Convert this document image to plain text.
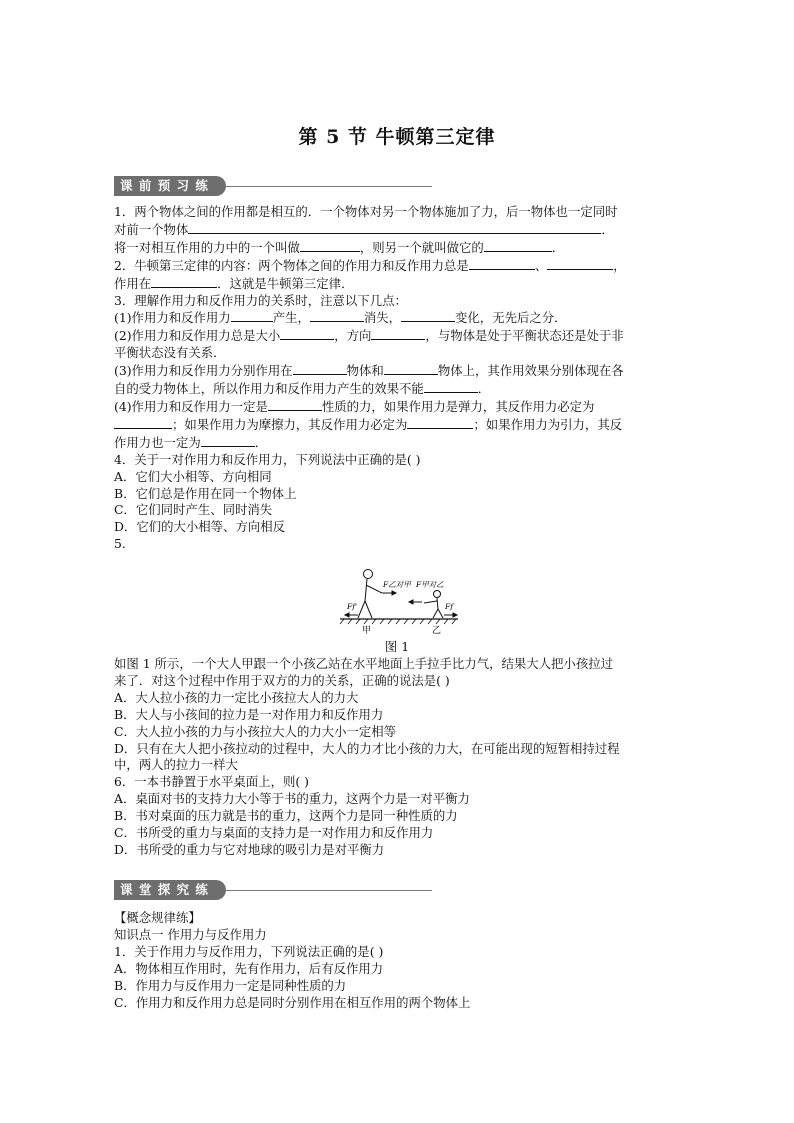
第 5 节 牛顿第三定律
课 前 预 习 练

1．两个物体之间的作用都是相互的．一个物体对另一个物体施加了力，后一物体也一定同时

对前一个物体	．

将一对相互作用的力中的一个叫做	，则另一个就叫做它的	．

2．牛顿第三定律的内容：两个物体之间的作用力和反作用力总是	、	，

作用在	．这就是牛顿第三定律．

3．理解作用力和反作用力的关系时，注意以下几点：

(1)作用力和反作用力	产生，	消失，	变化，无先后之分．

(2)作用力和反作用力总是大小	，方向	，与物体是处于平衡状态还是处于非

平衡状态没有关系．

(3)作用力和反作用力分别作用在	物体和	物体上，其作用效果分别体现在各

自的受力物体上，所以作用力和反作用力产生的效果不能	．

(4)作用力和反作用力一定是	性质的力，如果作用力是弹力，其反作用力必定为

；如果作用力为摩擦力，其反作用力必定为	；如果作用力为引力，其反

作用力也一定为	．

4．关于一对作用力和反作用力，下列说法中正确的是( )

A．它们大小相等、方向相同

B．它们总是作用在同一个物体上

C．它们同时产生、同时消失

D．它们的大小相等、方向相反

5.

F乙对甲 F甲对乙
Ff'	Ff
甲	乙

图 1

如图 1 所示，一个大人甲跟一个小孩乙站在水平地面上手拉手比力气，结果大人把小孩拉过

来了．对这个过程中作用于双方的力的关系，正确的说法是( )

A．大人拉小孩的力一定比小孩拉大人的力大

B．大人与小孩间的拉力是一对作用力和反作用力

C．大人拉小孩的力与小孩拉大人的力大小一定相等

D．只有在大人把小孩拉动的过程中，大人的力才比小孩的力大，在可能出现的短暂相持过程

中，两人的拉力一样大

6．一本书静置于水平桌面上，则( )

A．桌面对书的支持力大小等于书的重力，这两个力是一对平衡力

B．书对桌面的压力就是书的重力，这两个力是同一种性质的力

C．书所受的重力与桌面的支持力是一对作用力和反作用力

D．书所受的重力与它对地球的吸引力是对平衡力

课 堂 探 究 练

【概念规律练】

知识点一 作用力与反作用力

1．关于作用力与反作用力，下列说法正确的是( )

A．物体相互作用时，先有作用力，后有反作用力

B．作用力与反作用力一定是同种性质的力

C．作用力和反作用力总是同时分别作用在相互作用的两个物体上
